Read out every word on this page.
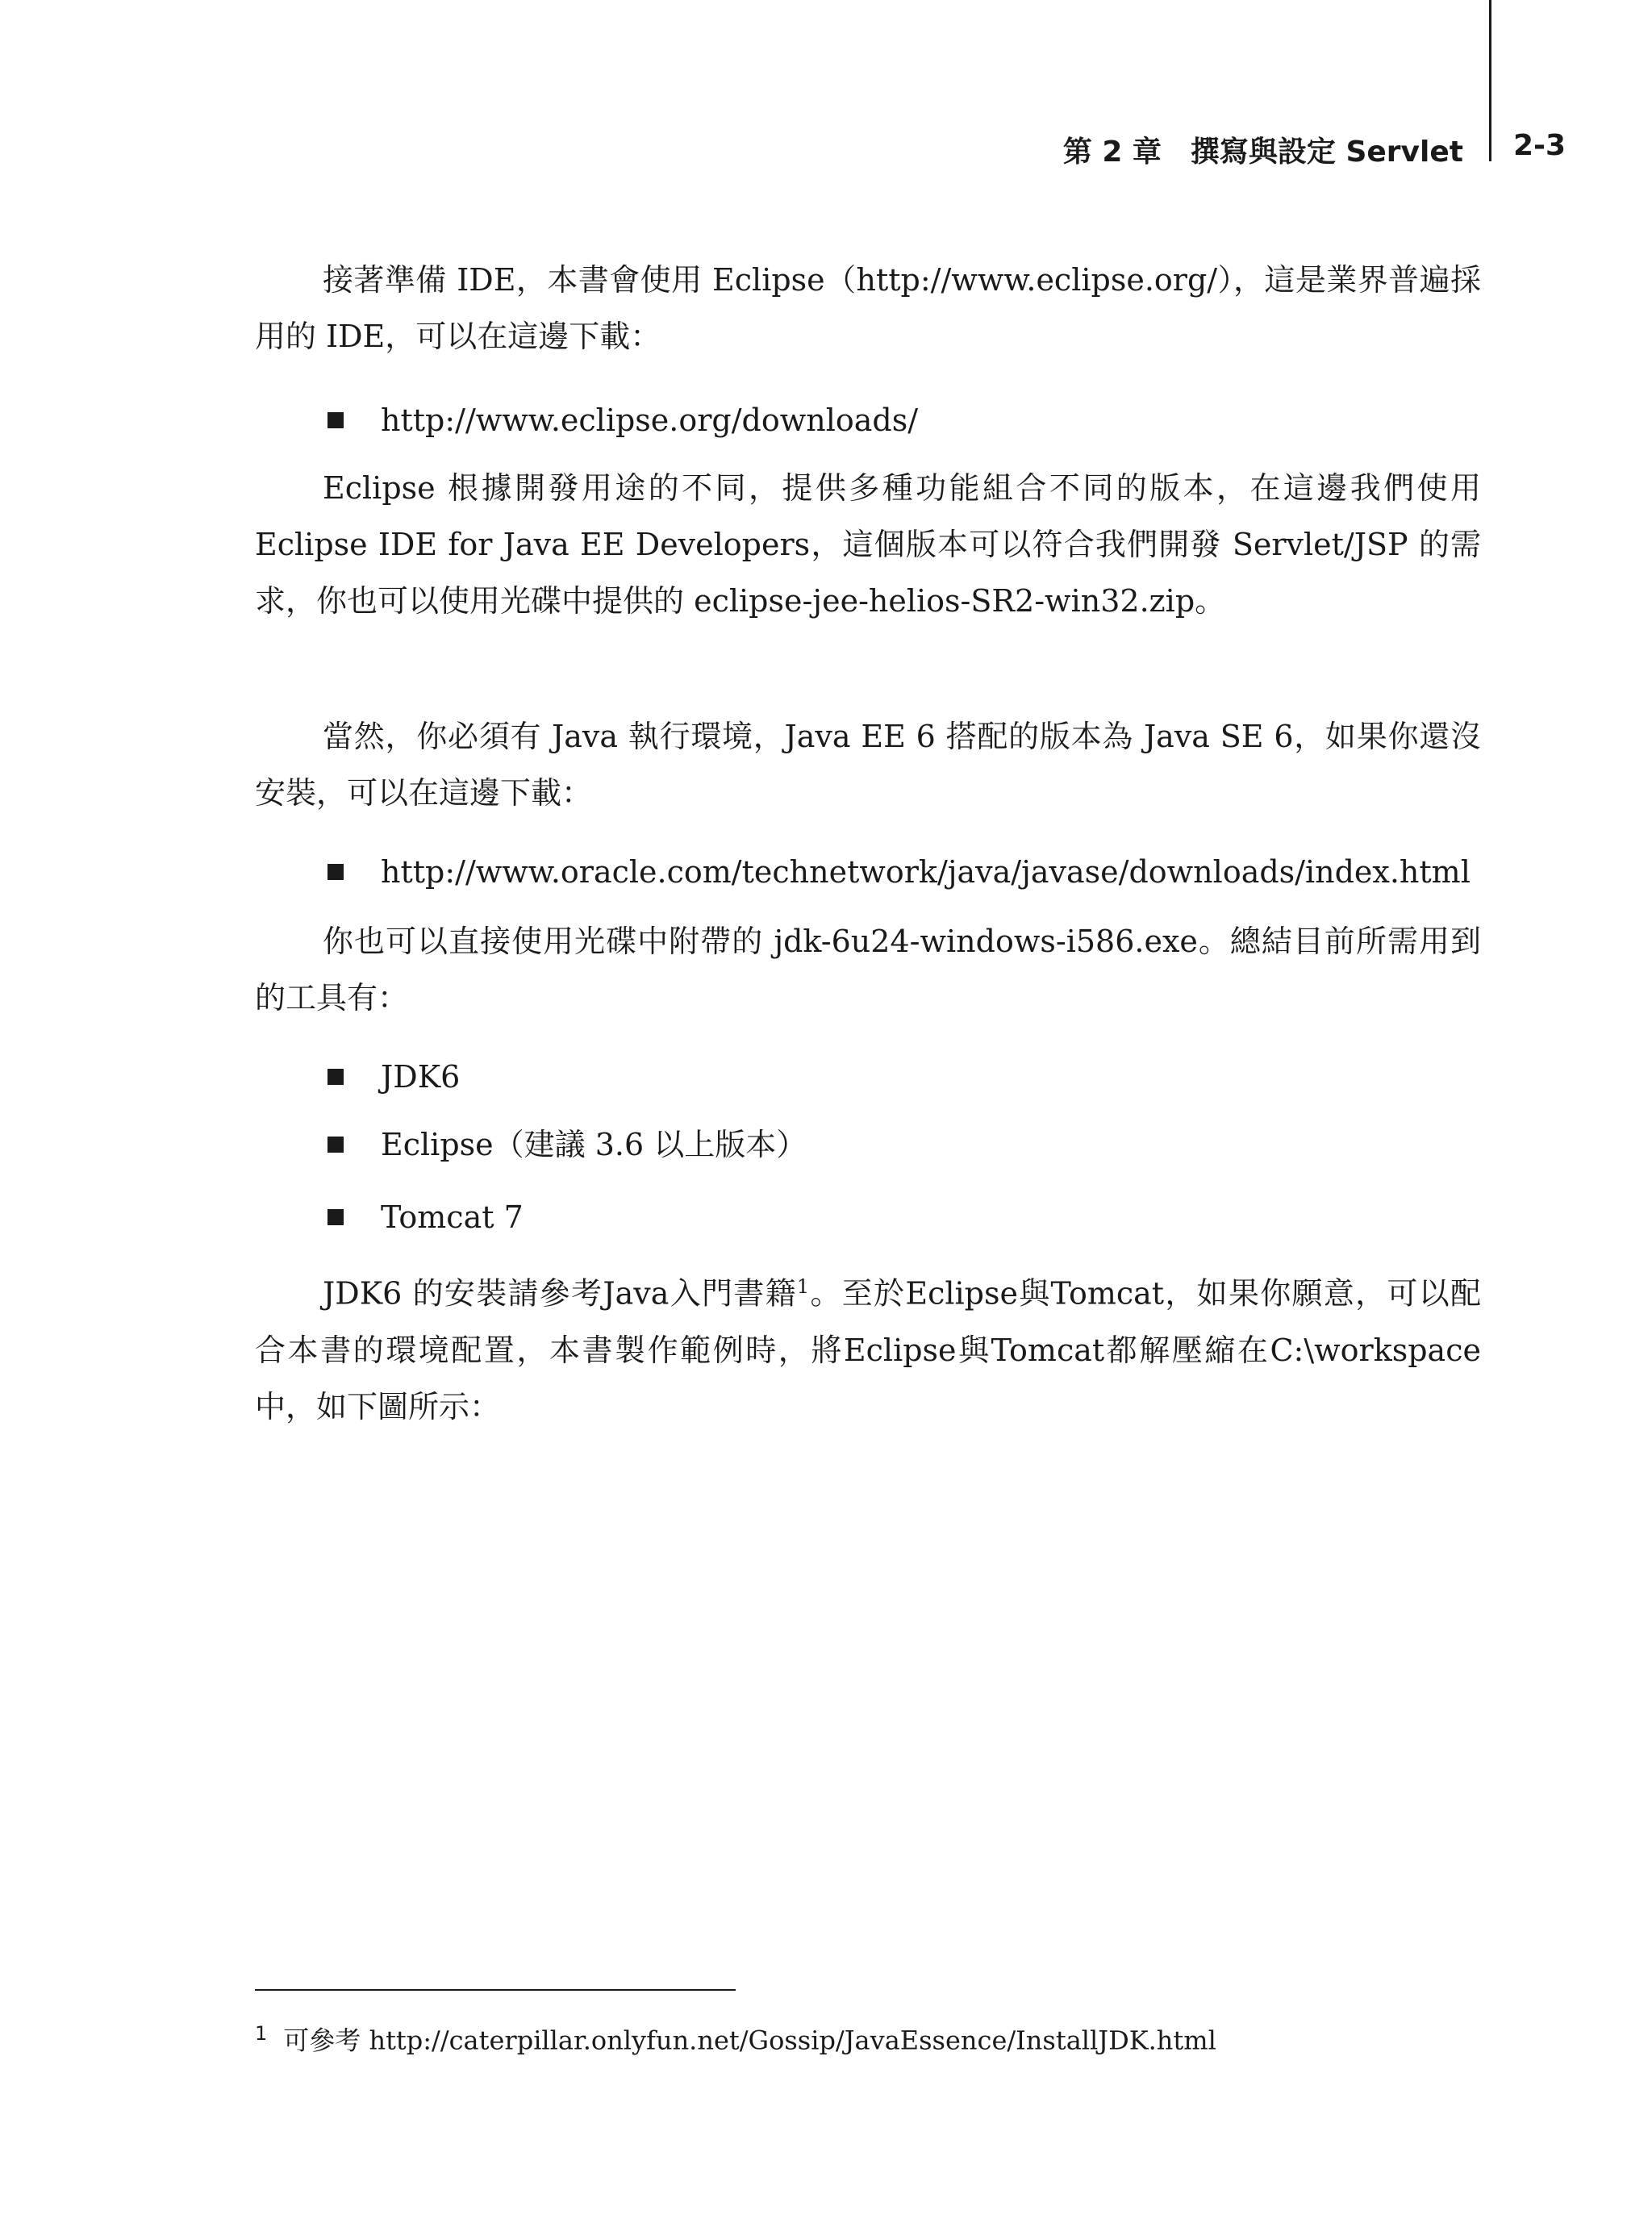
第 2 章　撰寫與設定 Servlet 2-3

接著準備 IDE，本書會使用 Eclipse（http://www.eclipse.org/），這是業界普遍採用的 IDE，可以在這邊下載：

http://www.eclipse.org/downloads/

Eclipse 根據開發用途的不同，提供多種功能組合不同的版本，在這邊我們使用 Eclipse IDE for Java EE Developers，這個版本可以符合我們開發 Servlet/JSP 的需求，你也可以使用光碟中提供的 eclipse-jee-helios-SR2-win32.zip。

當然，你必須有 Java 執行環境，Java EE 6 搭配的版本為 Java SE 6，如果你還沒安裝，可以在這邊下載：

http://www.oracle.com/technetwork/java/javase/downloads/index.html

你也可以直接使用光碟中附帶的 jdk-6u24-windows-i586.exe。總結目前所需用到的工具有：

JDK6

Eclipse（建議 3.6 以上版本）

Tomcat 7

JDK6 的安裝請參考Java入門書籍$^1$。至於Eclipse與Tomcat，如果你願意，可以配合本書的環境配置，本書製作範例時，將Eclipse與Tomcat都解壓縮在C:\workspace中，如下圖所示：

$^1$ 可參考 http://caterpillar.onlyfun.net/Gossip/JavaEssence/InstallJDK.html
